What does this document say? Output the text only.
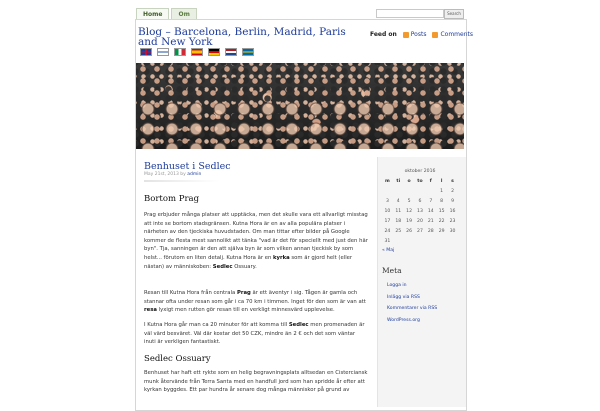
Home	Om	Search
Blog – Barcelona, Berlin, Madrid, Paris and New York
Feed on Posts Comments
Benhuset i Sedlec
May 21st, 2013 by admin
Bortom Prag
Prag erbjuder många platser att upptäcka, men det skulle vara ett allvarligt misstag att inte se bortom stadsgränsen. Kutna Hora är en av alla populära platser i närheten av den tjeckiska huvudstaden. Om man tittar efter bilder på Google kommer de flesta mest sannolikt att tänka "vad är det för speciellt med just den här byn". Tja, sanningen är den att själva byn är som vilken annan tjeckisk by som helst... förutom en liten detalj. Kutna Hora är en kyrka som är gjord helt (eller nästan) av människoben: Sedlec Ossuary.
Resan till Kutna Hora från centrala Prag är ett äventyr i sig. Tågen är gamla och stannar ofta under resan som går i ca 70 km i timmen. Inget för den som är van att resa lyxigt men rutten gör resan till en verkligt minnesvärd upplevelse.
I Kutna Hora går man ca 20 minuter för att komma till Sedlec men promenaden är väl värd besväret. Väl där kostar det 50 CZK, mindre än 2 € och det som väntar inuti är verkligen fantastiskt.
Sedlec Ossuary
Benhuset har haft ett rykte som en helig begravningsplats alltsedan en Cisterciansk munk återvände från Terra Santa med en handfull jord som han spridde år efter att kyrkan byggdes. Ett par hundra år senare dog många människor på grund av
oktober 2016
m	ti	o	to	f	l	s
					1	2
3	4	5	6	7	8	9
10	11	12	13	14	15	16
17	18	19	20	21	22	23
24	25	26	27	28	29	30
31						
« Maj
Meta
Logga in
Inlägg via RSS
Kommentarer via RSS
WordPress.org
